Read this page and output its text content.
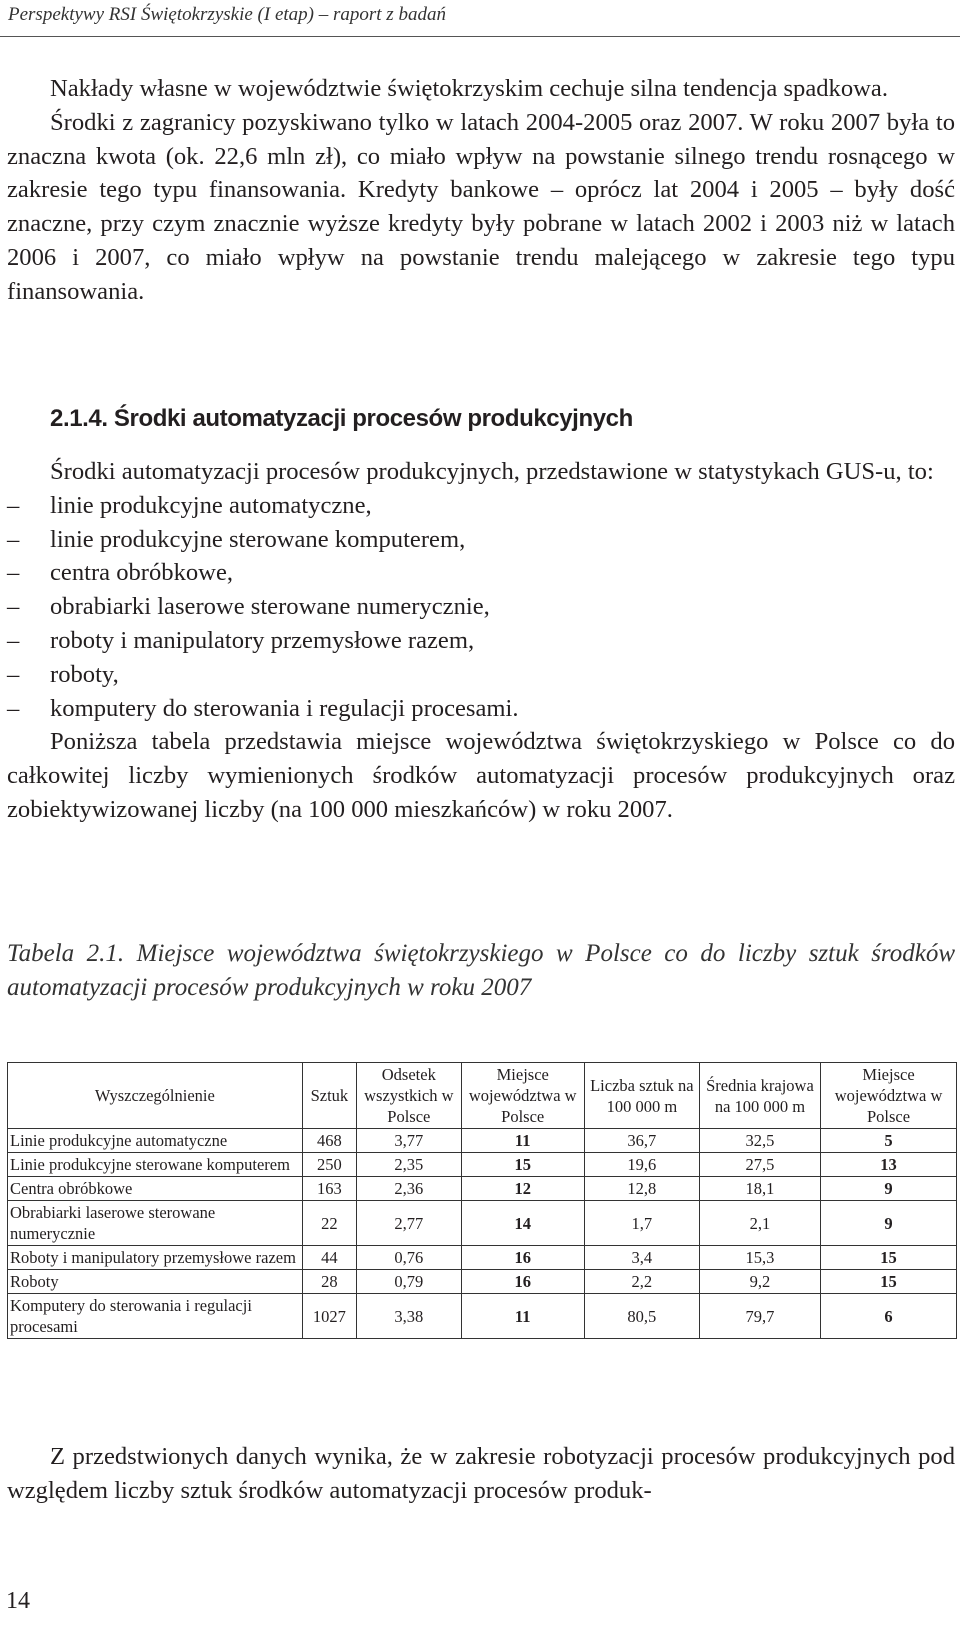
Perspektywy RSI Świętokrzyskie (I etap) – raport z badań

Nakłady własne w województwie świętokrzyskim cechuje silna tendencja spadkowa.

Środki z zagranicy pozyskiwano tylko w latach 2004-2005 oraz 2007. W roku 2007 była to znaczna kwota (ok. 22,6 mln zł), co miało wpływ na powstanie silnego trendu rosnącego w zakresie tego typu finansowania. Kredyty bankowe – oprócz lat 2004 i 2005 – były dość znaczne, przy czym znacznie wyższe kredyty były pobrane w latach 2002 i 2003 niż w latach 2006 i 2007, co miało wpływ na powstanie trendu malejącego w zakresie tego typu finansowania.

2.1.4. Środki automatyzacji procesów produkcyjnych

Środki automatyzacji procesów produkcyjnych, przedstawione w statystykach GUS-u, to:

– linie produkcyjne automatyczne,
– linie produkcyjne sterowane komputerem,
– centra obróbkowe,
– obrabiarki laserowe sterowane numerycznie,
– roboty i manipulatory przemysłowe razem,
– roboty,
– komputery do sterowania i regulacji procesami.

Poniższa tabela przedstawia miejsce województwa świętokrzyskiego w Polsce co do całkowitej liczby wymienionych środków automatyzacji procesów produkcyjnych oraz zobiektywizowanej liczby (na 100 000 mieszkańców) w roku 2007.

Tabela 2.1. Miejsce województwa świętokrzyskiego w Polsce co do liczby sztuk środków automatyzacji procesów produkcyjnych w roku 2007
Wyszczególnienie	Sztuk	Odsetek wszystkich w Polsce	Miejsce województwa w Polsce	Liczba sztuk na 100 000 m	Średnia krajowa na 100 000 m	Miejsce województwa w Polsce
Linie produkcyjne automatyczne	468	3,77	11	36,7	32,5	5
Linie produkcyjne sterowane komputerem	250	2,35	15	19,6	27,5	13
Centra obróbkowe	163	2,36	12	12,8	18,1	9
Obrabiarki laserowe sterowane numerycznie	22	2,77	14	1,7	2,1	9
Roboty i manipulatory przemysłowe razem	44	0,76	16	3,4	15,3	15
Roboty	28	0,79	16	2,2	9,2	15
Komputery do sterowania i regulacji procesami	1027	3,38	11	80,5	79,7	6

Z przedstwionych danych wynika, że w zakresie robotyzacji procesów produkcyjnych pod względem liczby sztuk środków automatyzacji procesów produk-

14
